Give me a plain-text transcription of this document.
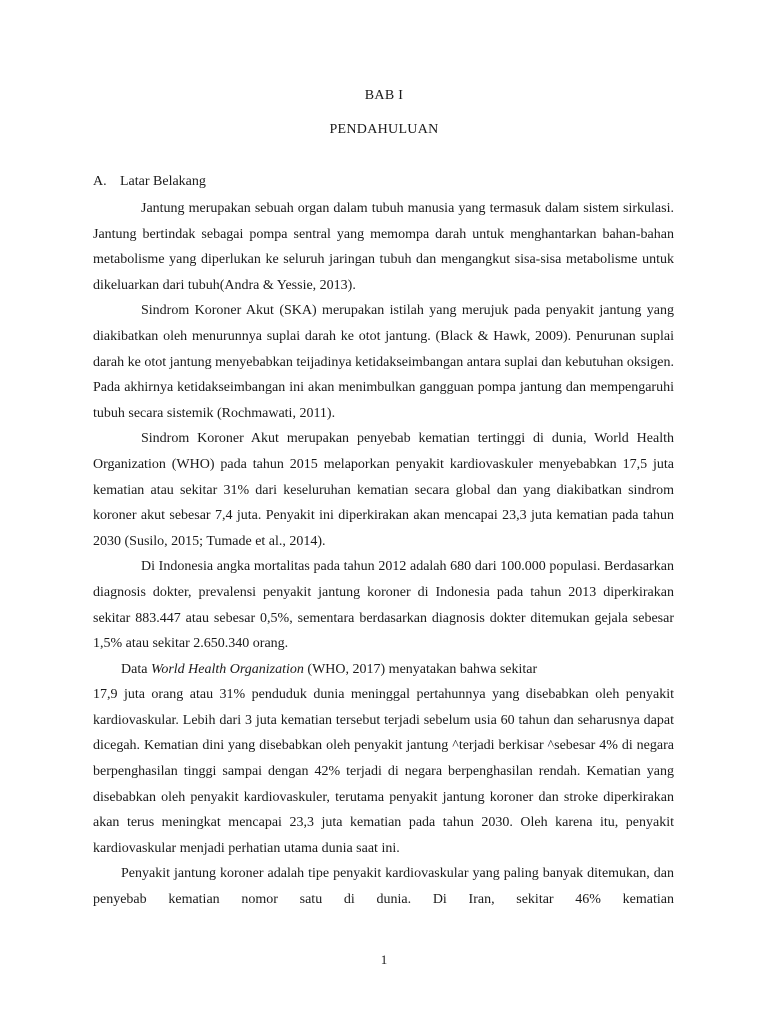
BAB I
PENDAHULUAN
A. Latar Belakang

Jantung merupakan sebuah organ dalam tubuh manusia yang termasuk dalam sistem sirkulasi. Jantung bertindak sebagai pompa sentral yang memompa darah untuk menghantarkan bahan-bahan metabolisme yang diperlukan ke seluruh jaringan tubuh dan mengangkut sisa-sisa metabolisme untuk dikeluarkan dari tubuh(Andra & Yessie, 2013).

Sindrom Koroner Akut (SKA) merupakan istilah yang merujuk pada penyakit jantung yang diakibatkan oleh menurunnya suplai darah ke otot jantung. (Black & Hawk, 2009). Penurunan suplai darah ke otot jantung menyebabkan teijadinya ketidakseimbangan antara suplai dan kebutuhan oksigen. Pada akhirnya ketidakseimbangan ini akan menimbulkan gangguan pompa jantung dan mempengaruhi tubuh secara sistemik (Rochmawati, 2011).

Sindrom Koroner Akut merupakan penyebab kematian tertinggi di dunia, World Health Organization (WHO) pada tahun 2015 melaporkan penyakit kardiovaskuler menyebabkan 17,5 juta kematian atau sekitar 31% dari keseluruhan kematian secara global dan yang diakibatkan sindrom koroner akut sebesar 7,4 juta. Penyakit ini diperkirakan akan mencapai 23,3 juta kematian pada tahun 2030 (Susilo, 2015; Tumade et al., 2014).

Di Indonesia angka mortalitas pada tahun 2012 adalah 680 dari 100.000 populasi. Berdasarkan diagnosis dokter, prevalensi penyakit jantung koroner di Indonesia pada tahun 2013 diperkirakan sekitar 883.447 atau sebesar 0,5%, sementara berdasarkan diagnosis dokter ditemukan gejala sebesar 1,5% atau sekitar 2.650.340 orang.

Data World Health Organization (WHO, 2017) menyatakan bahwa sekitar

17,9 juta orang atau 31% penduduk dunia meninggal pertahunnya yang disebabkan oleh penyakit kardiovaskular. Lebih dari 3 juta kematian tersebut terjadi sebelum usia 60 tahun dan seharusnya dapat dicegah. Kematian dini yang disebabkan oleh penyakit jantung ^terjadi berkisar ^sebesar 4% di negara berpenghasilan tinggi sampai dengan 42% terjadi di negara berpenghasilan rendah. Kematian yang disebabkan oleh penyakit kardiovaskuler, terutama penyakit jantung koroner dan stroke diperkirakan akan terus meningkat mencapai 23,3 juta kematian pada tahun 2030. Oleh karena itu, penyakit kardiovaskular menjadi perhatian utama dunia saat ini.

Penyakit jantung koroner adalah tipe penyakit kardiovaskular yang paling banyak ditemukan, dan penyebab kematian nomor satu di dunia. Di Iran, sekitar 46% kematian

1
